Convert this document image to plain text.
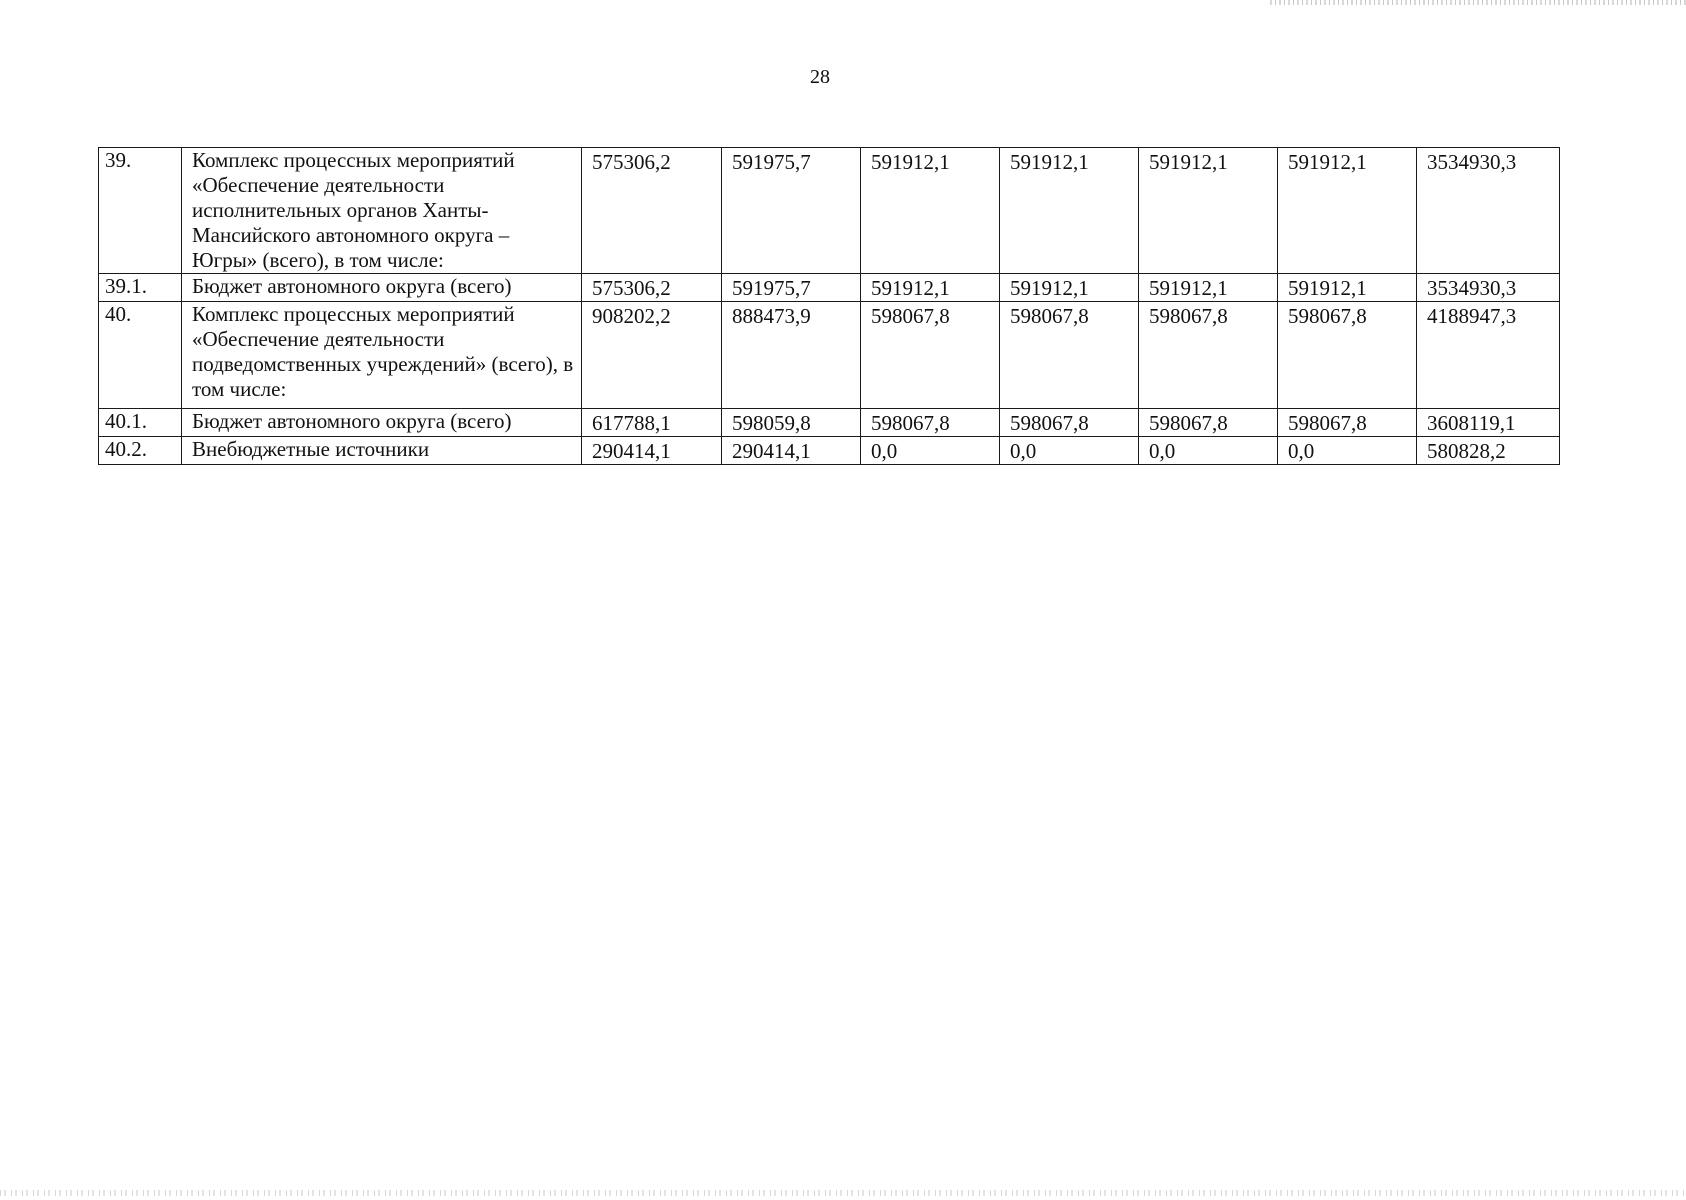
28
39.	Комплекс процессных мероприятий «Обеспечение деятельности исполнительных органов Ханты-Мансийского автономного округа – Югры» (всего), в том числе:	575306,2	591975,7	591912,1	591912,1	591912,1	591912,1	3534930,3
39.1.	Бюджет автономного округа (всего)	575306,2	591975,7	591912,1	591912,1	591912,1	591912,1	3534930,3
40.	Комплекс процессных мероприятий «Обеспечение деятельности подведомственных учреждений» (всего), в том числе:	908202,2	888473,9	598067,8	598067,8	598067,8	598067,8	4188947,3
40.1.	Бюджет автономного округа (всего)	617788,1	598059,8	598067,8	598067,8	598067,8	598067,8	3608119,1
40.2.	Внебюджетные источники	290414,1	290414,1	0,0	0,0	0,0	0,0	580828,2
